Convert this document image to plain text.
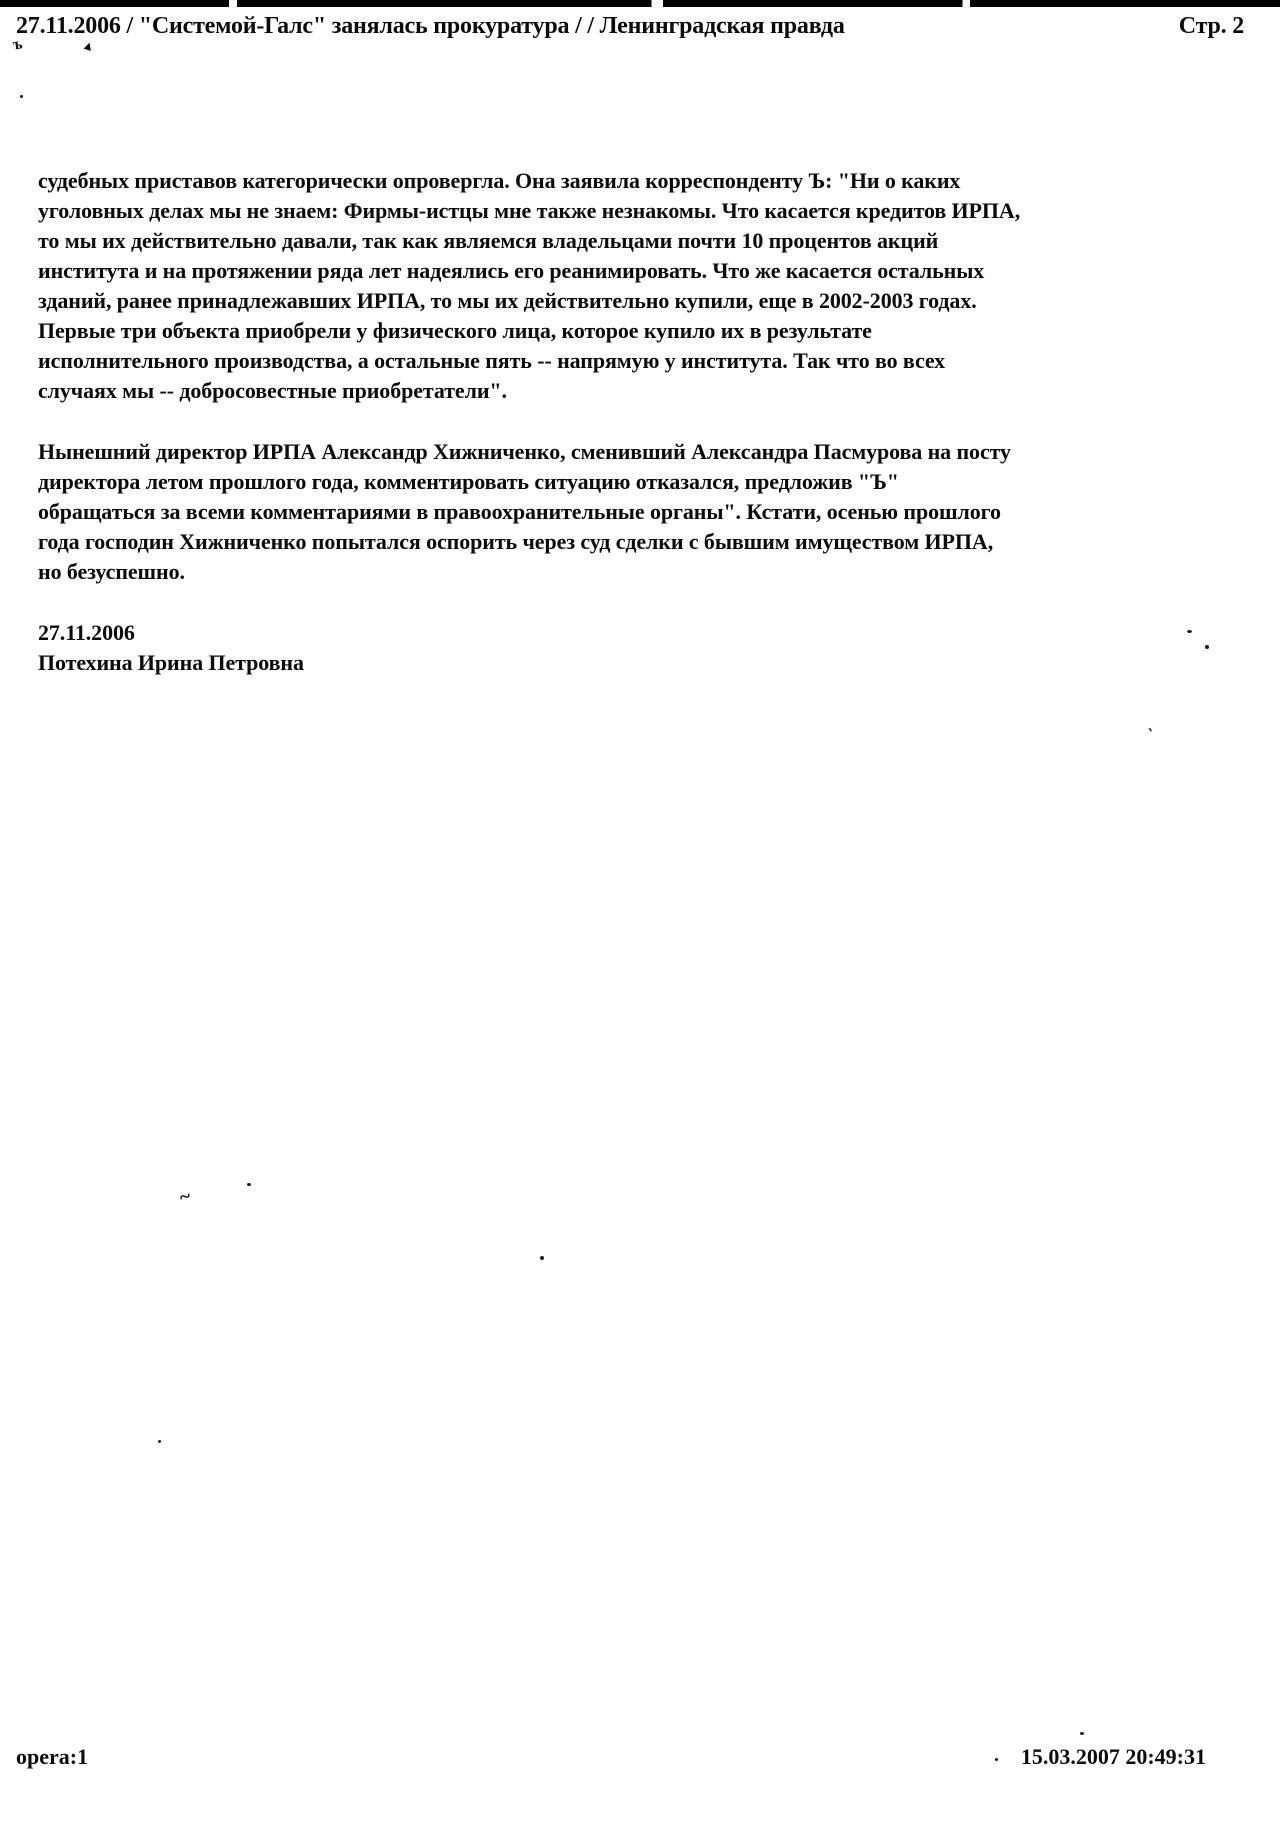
27.11.2006 / "Системой-Галс" занялась прокуратура / / Ленинградская правда	Стр. 2
ъ	▲

судебных приставов категорически опровергла. Она заявила корреспонденту Ъ: "Ни о каких
уголовных делах мы не знаем: Фирмы-истцы мне также незнакомы. Что касается кредитов ИРПА,
то мы их действительно давали, так как являемся владельцами почти 10 процентов акций
института и на протяжении ряда лет надеялись его реанимировать. Что же касается остальных
зданий, ранее принадлежавших ИРПА, то мы их действительно купили, еще в 2002-2003 годах.
Первые три объекта приобрели у физического лица, которое купило их в результате
исполнительного производства, а остальные пять -- напрямую у института. Так что во всех
случаях мы -- добросовестные приобретатели".

Нынешний директор ИРПА Александр Хижниченко, сменивший Александра Пасмурова на посту
директора летом прошлого года, комментировать ситуацию отказался, предложив "Ъ"
обращаться за всеми комментариями в правоохранительные органы". Кстати, осенью прошлого
года господин Хижниченко попытался оспорить через суд сделки с бывшим имуществом ИРПА,
но безуспешно.

27.11.2006
Потехина Ирина Петровна

`
~
opera:1	15.03.2007 20:49:31
